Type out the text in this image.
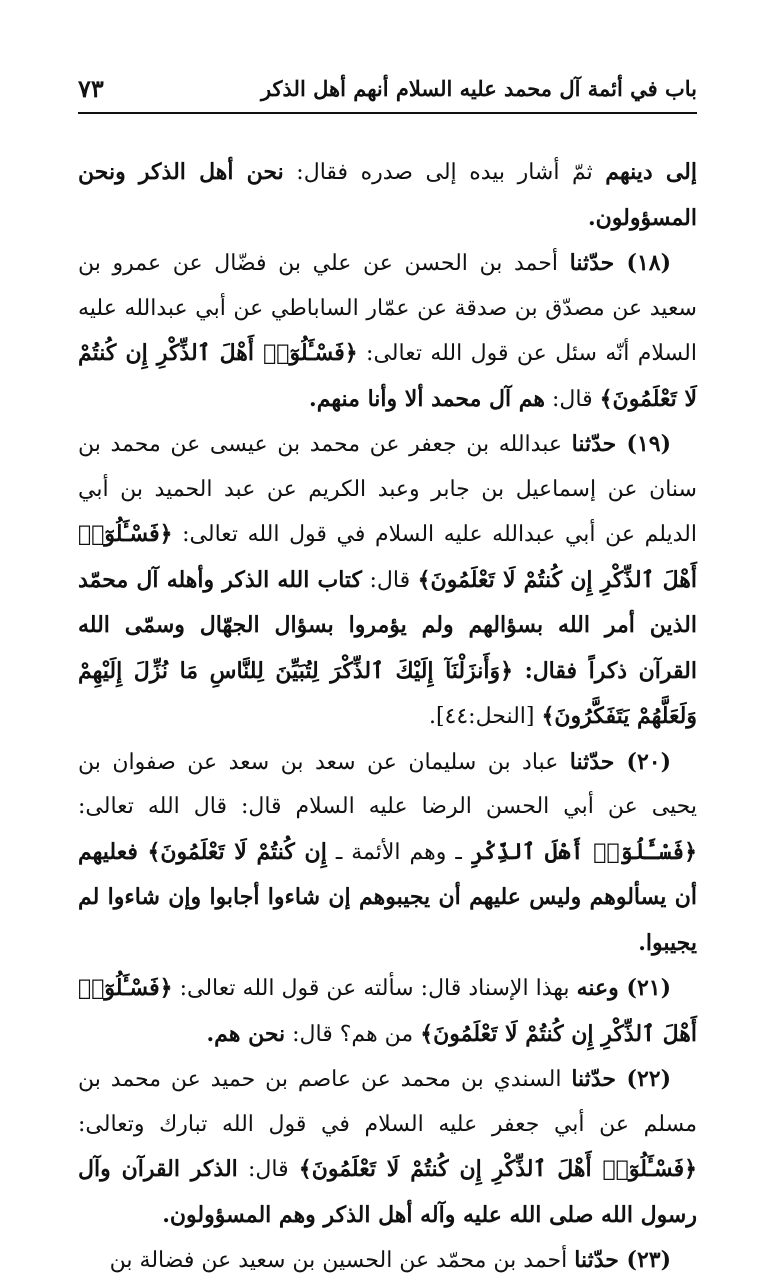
باب في أئمة آل محمد عليه السلام أنهم أهل الذكر
٧٣

إلى دينهم ثمّ أشار بيده إلى صدره فقال: نحن أهل الذكر ونحن المسؤولون.

(١٨) حدّثنا أحمد بن الحسن عن علي بن فضّال عن عمرو بن سعيد عن مصدّق بن صدقة عن عمّار الساباطي عن أبي عبدالله عليه السلام أنّه سئل عن قول الله تعالى: ﴿فَسْـَٔلُوٓا۟ أَهْلَ ٱلذِّكْرِ إِن كُنتُمْ لَا تَعْلَمُونَ﴾ قال: هم آل محمد ألا وأنا منهم.

(١٩) حدّثنا عبدالله بن جعفر عن محمد بن عيسى عن محمد بن سنان عن إسماعيل بن جابر وعبد الكريم عن عبد الحميد بن أبي الديلم عن أبي عبدالله عليه السلام في قول الله تعالى: ﴿فَسْـَٔلُوٓا۟ أَهْلَ ٱلذِّكْرِ إِن كُنتُمْ لَا تَعْلَمُونَ﴾ قال: كتاب الله الذكر وأهله آل محمّد الذين أمر الله بسؤالهم ولم يؤمروا بسؤال الجهّال وسمّى الله القرآن ذكراً فقال: ﴿وَأَنزَلْنَآ إِلَيْكَ ٱلذِّكْرَ لِتُبَيِّنَ لِلنَّاسِ مَا نُزِّلَ إِلَيْهِمْ وَلَعَلَّهُمْ يَتَفَكَّرُونَ﴾ [النحل:٤٤].

(٢٠) حدّثنا عباد بن سليمان عن سعد بن سعد عن صفوان بن يحيى عن أبي الحسن الرضا عليه السلام قال: قال الله تعالى: ﴿فَسْـَٔلُوٓا۟ أَهْلَ ٱلذِّكْرِ ـ وهم الأئمة ـ إِن كُنتُمْ لَا تَعْلَمُونَ﴾ فعليهم أن يسألوهم وليس عليهم أن يجيبوهم إن شاءوا أجابوا وإن شاءوا لم يجيبوا.

(٢١) وعنه بهذا الإسناد قال: سألته عن قول الله تعالى: ﴿فَسْـَٔلُوٓا۟ أَهْلَ ٱلذِّكْرِ إِن كُنتُمْ لَا تَعْلَمُونَ﴾ من هم؟ قال: نحن هم.

(٢٢) حدّثنا السندي بن محمد عن عاصم بن حميد عن محمد بن مسلم عن أبي جعفر عليه السلام في قول الله تبارك وتعالى: ﴿فَسْـَٔلُوٓا۟ أَهْلَ ٱلذِّكْرِ إِن كُنتُمْ لَا تَعْلَمُونَ﴾ قال: الذكر القرآن وآل رسول الله صلى الله عليه وآله أهل الذكر وهم المسؤولون.

(٢٣) حدّثنا أحمد بن محمّد عن الحسين بن سعيد عن فضالة بن
